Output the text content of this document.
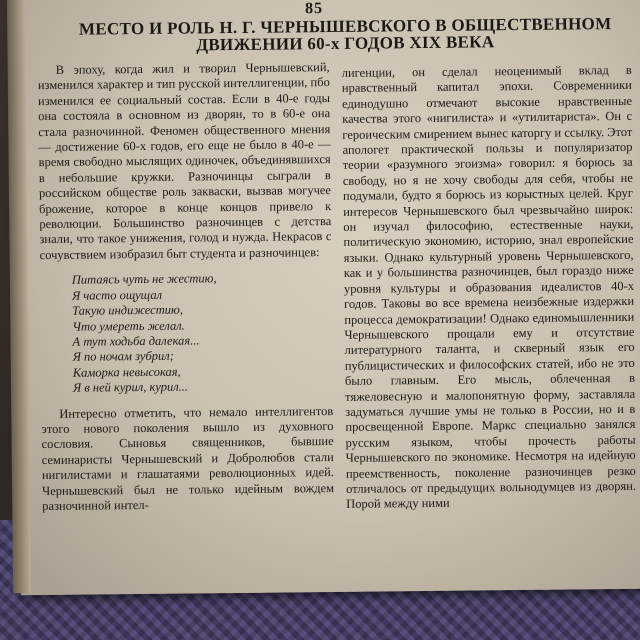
85
МЕСТО И РОЛЬ Н. Г. ЧЕРНЫШЕВСКОГО В ОБЩЕСТВЕННОМ
ДВИЖЕНИИ 60-х ГОДОВ XIX ВЕКА

В эпоху, когда жил и творил Чернышевский, изменился характер и тип русской интеллигенции, пбо изменился ее социальный состав. Если в 40-е годы она состояла в основном из дворян, то в 60-е она стала разночинной. Феномен общественного мнения — достижение 60-х годов, его еще не было в 40-е — время свободно мыслящих одиночек, объединявшихся в небольшие кружки. Разночинцы сыграли в российском обществе роль закваски, вызвав могучее брожение, которое в конце концов привело к революции. Большинство разночинцев с детства знали, что такое унижения, голод и нужда. Некрасов с сочувствием изобразил быт студента и разночинцев:

Питаясь чуть не жестию,
Я часто ощущал
Такую индижестию,
Что умереть желал.
А тут ходьба далекая...
Я по ночам зубрил;
Каморка невысокая,
Я в ней курил, курил...

Интересно отметить, что немало интеллигентов этого нового поколения вышло из духовного сословия. Сыновья священников, бывшие семинаристы Чернышевский и Добролюбов стали нигилистами и глашатаями революционных идей. Чернышевский был не только идейным вождем разночинной интел-

лигенции, он сделал неоценимый вклад в нравственный капитал эпохи. Современники единодушно отмечают высокие нравственные качества этого «нигилиста» и «утилитариста». Он с героическим смирением вынес каторгу и ссылку. Этот апологет практической пользы и популяризатор теории «разумного эгоизма» говорил: я борюсь за свободу, но я не хочу свободы для себя, чтобы не подумали, будто я борюсь из корыстных целей. Круг интересов Чернышевского был чрезвычайно широк: он изучал философию, естественные науки, политическую экономию, историю, знал европейские языки. Однако культурный уровень Чернышевского, как и у большинства разночинцев, был гораздо ниже уровня культуры и образования идеалистов 40-х годов. Таковы во все времена неизбежные издержки процесса демократизации! Однако единомышленники Чернышевского прощали ему и отсутствие литературного таланта, и скверный язык его публицистических и философских статей, ибо не это было главным. Его мысль, облеченная в тяжеловесную и малопонятную форму, заставляла задуматься лучшие умы не только в России, но и в просвещенной Европе. Маркс специально занялся русским языком, чтобы прочесть работы Чернышевского по экономике. Несмотря на идейную преемственность, поколение разночинцев резко отличалось от предыдущих вольнодумцев из дворян. Порой между ними
